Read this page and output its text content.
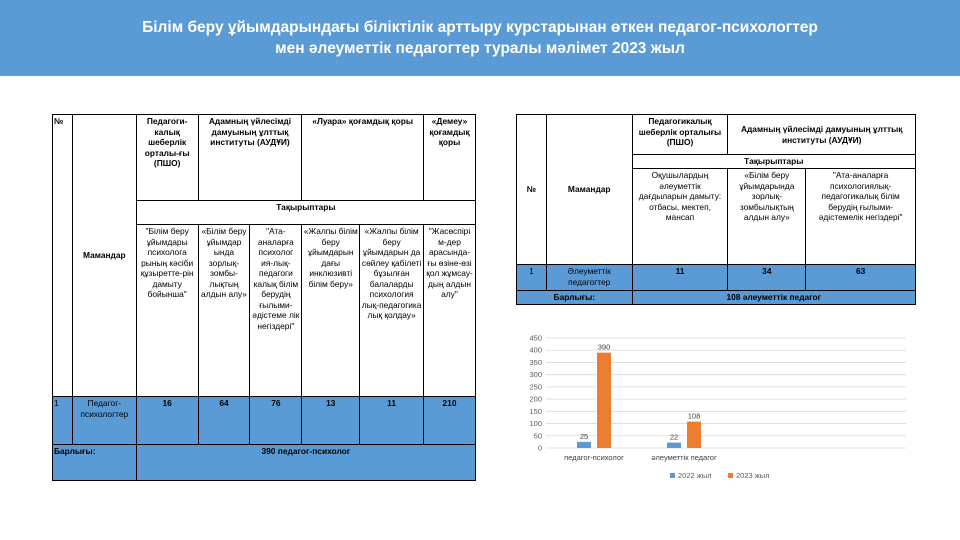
Білім беру ұйымдарындағы біліктілік арттыру курстарынан өткен педагог-психологтер
мен әлеуметтік педагогтер туралы мәлімет 2023 жыл
№	Мамандар	Педагоги-калық шеберлік орталы-ғы (ПШО)	Адамның үйлесімді дамуының ұлттық институты (АУДҰИ)		«Луара» қоғамдық қоры		«Демеу» қоғамдық қоры
		Тақырыптары					
		"Білім беру ұйымдары психолога рының кәсіби құзыретте-рін дамыту бойынша"	«Білім беру ұйымдар ында зорлық-зомбы-лықтың алдын алу»	"Ата-аналарға психолог ия-лық-педагоги калық білім берудің ғылыми-әдістеме лік негіздері"	«Жалпы білім беру ұйымдарын дағы инклюзивті білім беру»	«Жалпы білім беру ұйымдарын да сөйлеу қабілеті бұзылған балаларды психология лық-педагогика лық қолдау»	"Жасөспірі м-дер арасында-ғы өзіне-өзі қол жұмсау-дың алдын алу"
1	Педагог-психологтер	16	64	76	13	11	210
Барлығы:		390 педагог-психолог					
№	Мамандар	Педагогикалық шеберлік орталығы (ПШО)	Адамның үйлесімді дамуының ұлттық институты (АУДҰИ)	
		Тақырыптары		
		Оқушылардың әлеуметтік дағдыларын дамыту: отбасы, мектеп, мансап	«Білім беру ұйымдарында зорлық-зомбылықтың алдын алу»	"Ата-аналарға психологиялық-педагогикалық білім берудің ғылыми-әдістемелік негіздері"
1	Әлеуметтік педагогтер	11	34	63
Барлығы:		108 әлеуметтік педагог		
0
50
100
150
200
250
300
350
400
450
25
390
педагог-психолог
22
108
әлеуметтік педагог
2022 жыл	2023 жыл
